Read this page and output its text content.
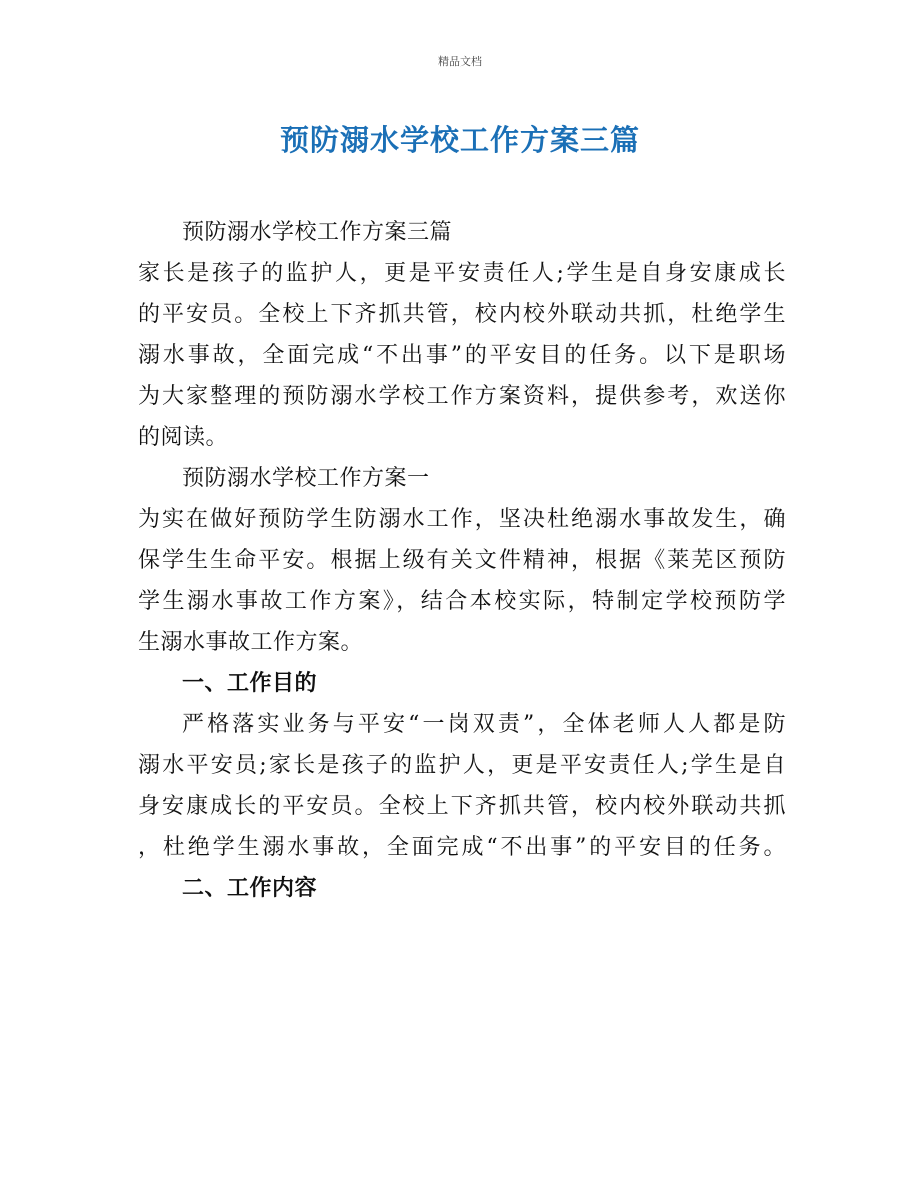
精品文档
预防溺水学校工作方案三篇
预防溺水学校工作方案三篇
家长是孩子的监护人，更是平安责任人;学生是自身安康成长
的平安员。全校上下齐抓共管，校内校外联动共抓，杜绝学生
溺水事故，全面完成“不出事”的平安目的任务。以下是职场
为大家整理的预防溺水学校工作方案资料，提供参考，欢送你
的阅读。
预防溺水学校工作方案一
为实在做好预防学生防溺水工作，坚决杜绝溺水事故发生，确
保学生生命平安。根据上级有关文件精神，根据《莱芜区预防
学生溺水事故工作方案》，结合本校实际，特制定学校预防学
生溺水事故工作方案。
一、工作目的
严格落实业务与平安“一岗双责”，全体老师人人都是防
溺水平安员;家长是孩子的监护人，更是平安责任人;学生是自
身安康成长的平安员。全校上下齐抓共管，校内校外联动共抓
，杜绝学生溺水事故，全面完成“不出事”的平安目的任务。
二、工作内容
